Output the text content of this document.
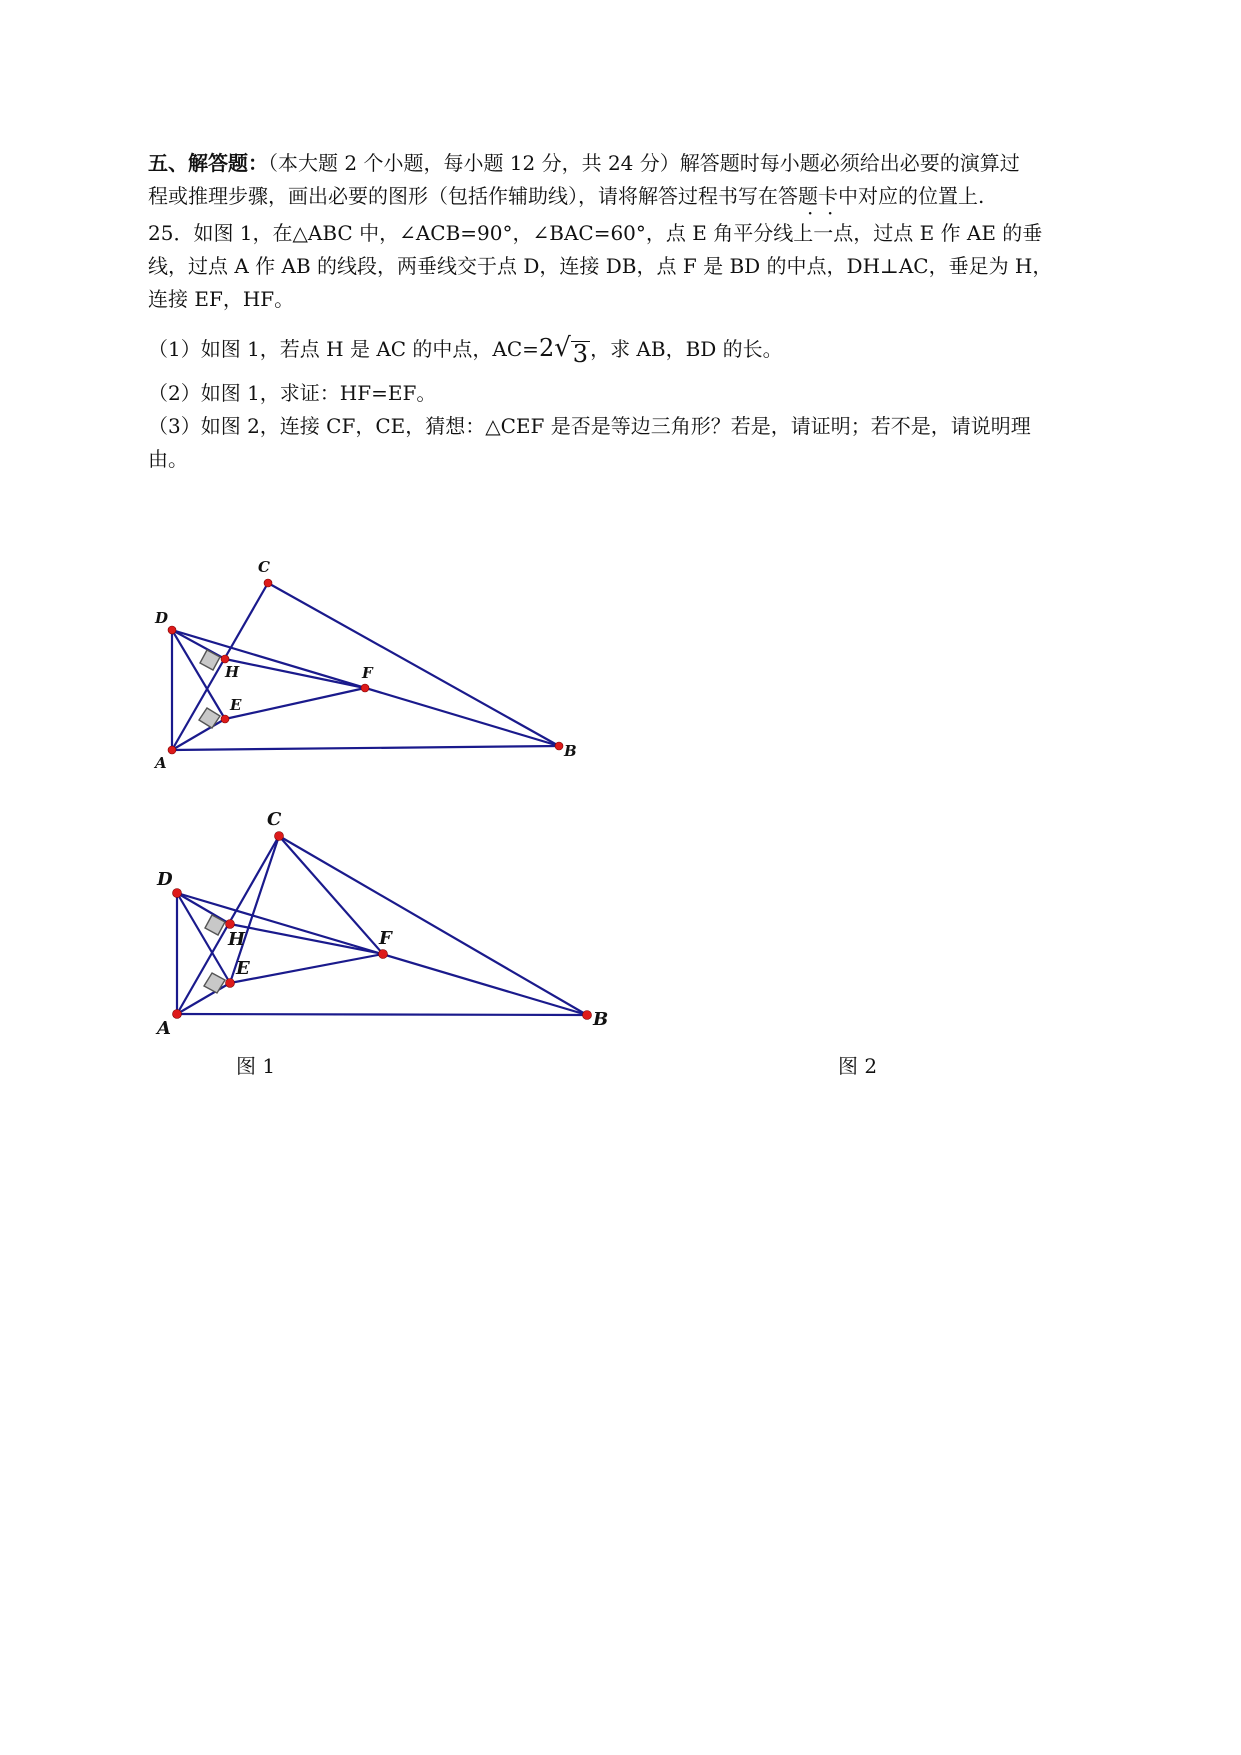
五、解答题：（本大题 2 个小题，每小题 12 分，共 24 分）解答题时每小题必须给出必要的演算过
程或推理步骤，画出必要的图形（包括作辅助线），请将解答过程书写在答题卡中对应的位置上.
25．如图 1，在△ABC 中，∠ACB=90°，∠BAC=60°，点 E 角平分线上一点，过点 E 作 AE 的垂
线，过点 A 作 AB 的线段，两垂线交于点 D，连接 DB，点 F 是 BD 的中点，DH⊥AC，垂足为 H，
连接 EF，HF。
（1）如图 1，若点 H 是 AC 的中点，AC= 2 √ 3 ，求 AB，BD 的长。
（2）如图 1，求证：HF=EF。
（3）如图 2，连接 CF，CE，猜想：△CEF 是否是等边三角形？若是，请证明；若不是，请说明理
由。
A
B
C
D
H
E
F
A	B
C
D
H
E
F
图 1	图 2
